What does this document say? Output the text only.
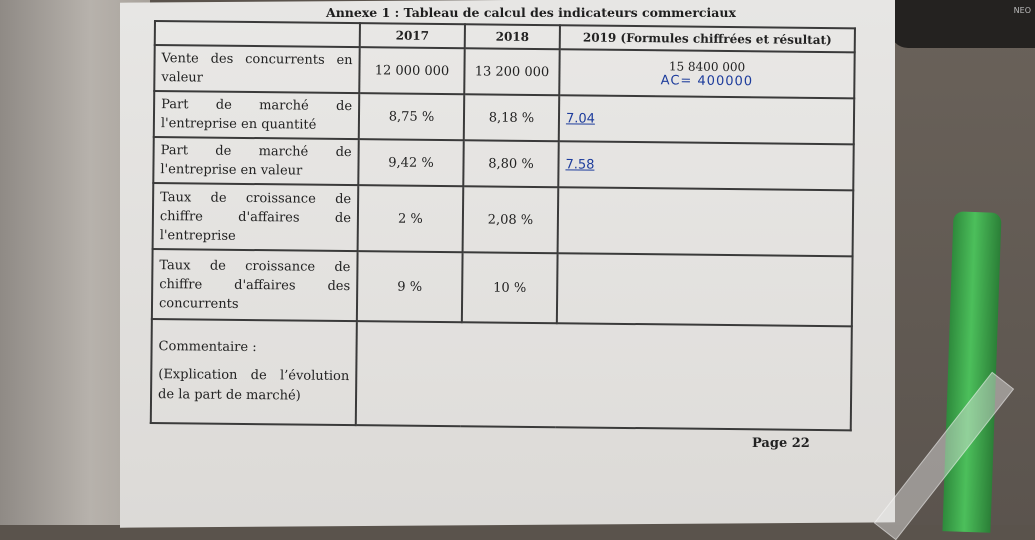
NEO
Annexe 1 : Tableau de calcul des indicateurs commerciaux
	2017	2018	2019 (Formules chiffrées et résultat)
Vente des concurrents en valeur	12 000 000	13 200 000	15 8400 000
AC= 400000

Part de marché de l'entreprise en quantité	8,75 %	8,18 %	7.04
Part de marché de l'entreprise en valeur	9,42 %	8,80 %	7.58
Taux de croissance de chiffre d'affaires de l'entreprise	2 %	2,08 %	
Taux de croissance de chiffre d'affaires des concurrents	9 %	10 %	

Commentaire :
(Explication de l’évolution de la part de marché)			

Page 22
